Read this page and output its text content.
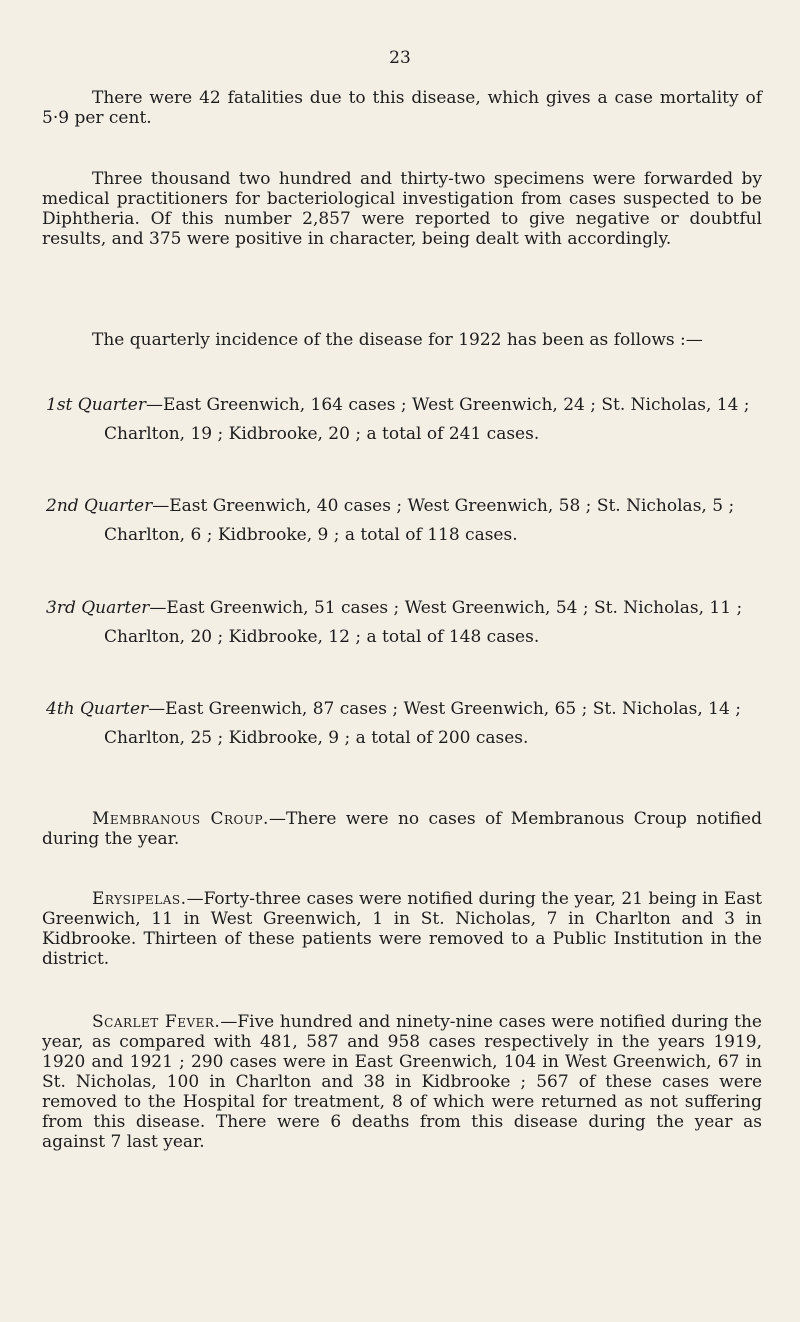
23

There were 42 fatalities due to this disease, which gives a case mortality of 5·9 per cent.

Three thousand two hundred and thirty-two specimens were forwarded by medical practitioners for bacteriological investigation from cases suspected to be Diphtheria. Of this number 2,857 were reported to give negative or doubtful results, and 375 were positive in character, being dealt with accordingly.

The quarterly incidence of the disease for 1922 has been as follows :—

1st Quarter—East Greenwich, 164 cases ; West Greenwich, 24 ; St. Nicholas, 14 ; Charlton, 19 ; Kidbrooke, 20 ; a total of 241 cases.

2nd Quarter—East Greenwich, 40 cases ; West Greenwich, 58 ; St. Nicholas, 5 ; Charlton, 6 ; Kidbrooke, 9 ; a total of 118 cases.

3rd Quarter—East Greenwich, 51 cases ; West Greenwich, 54 ; St. Nicholas, 11 ; Charlton, 20 ; Kidbrooke, 12 ; a total of 148 cases.

4th Quarter—East Greenwich, 87 cases ; West Greenwich, 65 ; St. Nicholas, 14 ; Charlton, 25 ; Kidbrooke, 9 ; a total of 200 cases.

Membranous Croup.—There were no cases of Membranous Croup notified during the year.

Erysipelas.—Forty-three cases were notified during the year, 21 being in East Greenwich, 11 in West Greenwich, 1 in St. Nicholas, 7 in Charlton and 3 in Kidbrooke. Thirteen of these patients were removed to a Public Institution in the district.

Scarlet Fever.—Five hundred and ninety-nine cases were notified during the year, as compared with 481, 587 and 958 cases respectively in the years 1919, 1920 and 1921 ; 290 cases were in East Greenwich, 104 in West Greenwich, 67 in St. Nicholas, 100 in Charlton and 38 in Kidbrooke ; 567 of these cases were removed to the Hospital for treatment, 8 of which were returned as not suffering from this disease. There were 6 deaths from this disease during the year as against 7 last year.
